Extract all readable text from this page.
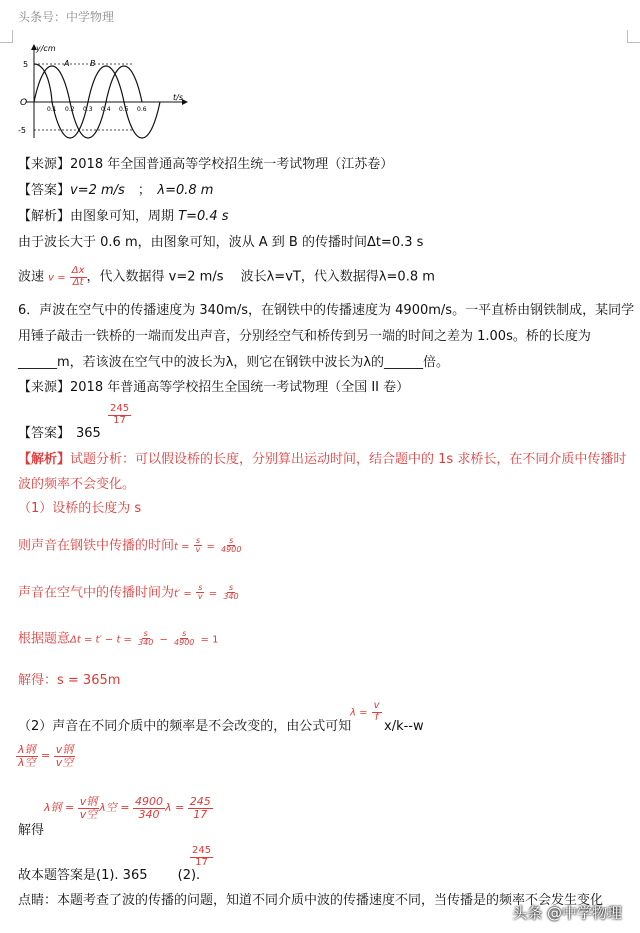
头条号：中学物理
y/cm
t/s
5
-5
O
A	B
0.1 0.2 0.3 0.4 0.5 0.6
【来源】2018 年全国普通高等学校招生统一考试物理（江苏卷）
【答案】v=2 m/s　 ；　 λ=0.8 m
【解析】由图象可知，周期 T=0.4 s
由于波长大于 0.6 m，由图象可知，波从 A 到 B 的传播时间Δt=0.3 s
波速 $v = \frac{\Delta x}{\Delta t}$ ，代入数据得 v=2 m/s　 波长λ=vT，代入数据得λ=0.8 m
6．声波在空气中的传播速度为 340m/s，在钢铁中的传播速度为 4900m/s。一平直桥由钢铁制成，某同学
用锤子敲击一铁桥的一端而发出声音，分别经空气和桥传到另一端的时间之差为 1.00s。桥的长度为
______m，若该波在空气中的波长为λ，则它在钢铁中波长为λ的______倍。
【来源】2018 年普通高等学校招生全国统一考试物理（全国 II 卷）
【答案】 365
$\frac{245}{17}$
【解析】试题分析：可以假设桥的长度，分别算出运动时间，结合题中的 1s 求桥长，在不同介质中传播时
波的频率不会变化。
（1）设桥的长度为 s
则声音在钢铁中传播的时间$t = \frac{s}{v} = \frac{s}{4900}$
声音在空气中的传播时间为$t' = \frac{s}{v} = \frac{s}{340}$
根据题意$\Delta t = t' - t = \frac{s}{340} - \frac{s}{4900} = 1$
解得：s = 365m
（2）声音在不同介质中的频率是不会改变的，由公式可知
$\lambda = \frac{v}{f}$
x/k--w
$\frac{\text{λ钢}}{\text{λ空}} = \frac{\text{v钢}}{\text{v空}}$
解得
λ钢 = $\frac{\text{v钢}}{\text{v空}}$ λ空 = $\frac{4900}{340}$ $\lambda = \frac{245}{17}$
故本题答案是(1). 365　　 (2).
$\frac{245}{17}$
点睛：本题考查了波的传播的问题，知道不同介质中波的传播速度不同，当传播是的频率不会发生变化
头条 @中学物理
